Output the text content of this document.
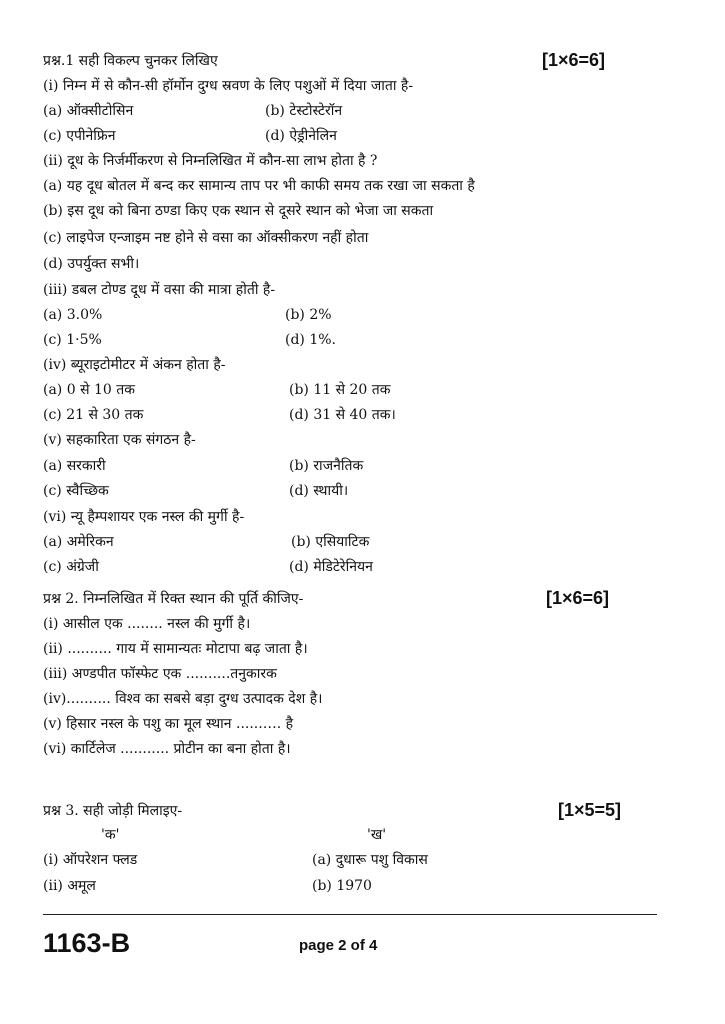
प्रश्न.1 सही विकल्प चुनकर लिखिए	[1×6=6]
(i) निम्न में से कौन-सी हॉर्मोन दुग्ध स्रवण के लिए पशुओं में दिया जाता है-
(a) ऑक्सीटोसिन	(b) टेस्टोस्टेरॉन
(c) एपीनेफ्रिन	(d) ऐड्रीनेलिन
(ii) दूध के निर्जर्मीकरण से निम्नलिखित में कौन-सा लाभ होता है ?
(a) यह दूध बोतल में बन्द कर सामान्य ताप पर भी काफी समय तक रखा जा सकता है
(b) इस दूध को बिना ठण्डा किए एक स्थान से दूसरे स्थान को भेजा जा सकता
(c) लाइपेज एन्जाइम नष्ट होने से वसा का ऑक्सीकरण नहीं होता
(d) उपर्युक्त सभी।
(iii) डबल टोण्ड दूध में वसा की मात्रा होती है-
(a) 3.0%	(b) 2%
(c) 1·5%	(d) 1%.
(iv) ब्यूराइटोमीटर में अंकन होता है-
(a) 0 से 10 तक	(b) 11 से 20 तक
(c) 21 से 30 तक	(d) 31 से 40 तक।
(v) सहकारिता एक संगठन है-
(a) सरकारी	(b) राजनैतिक
(c) स्वैच्छिक	(d) स्थायी।
(vi) न्यू हैम्पशायर एक नस्ल की मुर्गी है-
(a) अमेरिकन	(b) एसियाटिक
(c) अंग्रेजी	(d) मेडिटेरेनियन
प्रश्न 2. निम्नलिखित में रिक्त स्थान की पूर्ति कीजिए-	[1×6=6]
(i) आसील एक ........ नस्ल की मुर्गी है।
(ii) .......... गाय में सामान्यतः मोटापा बढ़ जाता है।
(iii) अण्डपीत फॉस्फेट एक ..........तनुकारक
(iv).......... विश्व का सबसे बड़ा दुग्ध उत्पादक देश है।
(v) हिसार नस्ल के पशु का मूल स्थान ......…. है
(vi) कार्टिलेज ........... प्रोटीन का बना होता है।
प्रश्न 3. सही जोड़ी मिलाइए-	[1×5=5]
'क'	'ख'
(i) ऑपरेशन फ्लड	(a) दुधारू पशु विकास
(ii) अमूल	(b) 1970
1163-B	page 2 of 4
